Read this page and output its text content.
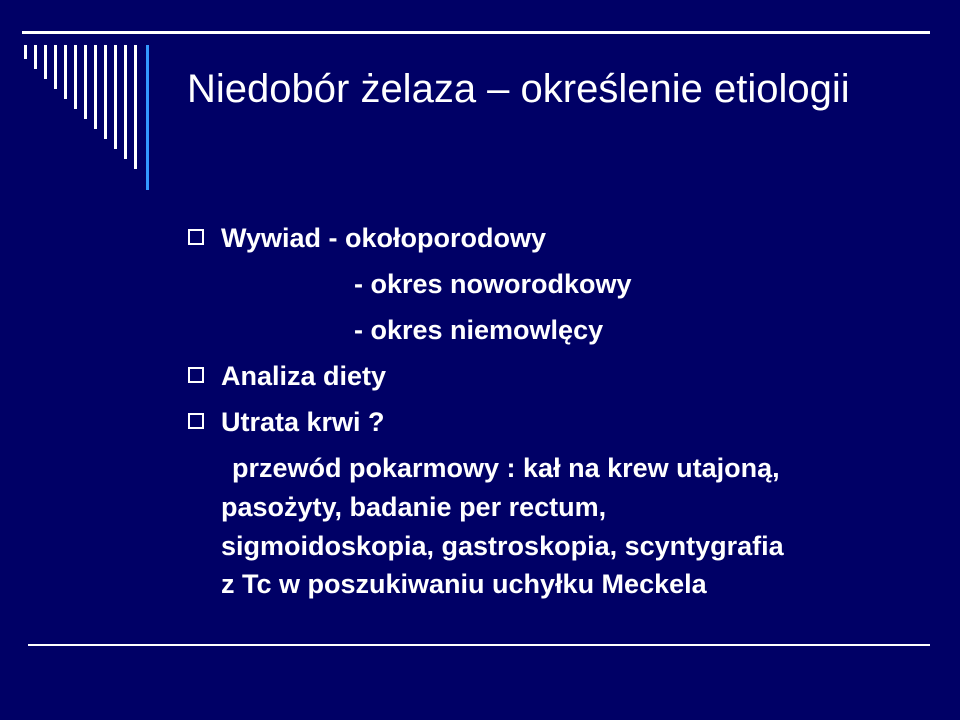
Niedobór żelaza – określenie etiologii
Wywiad - okołoporodowy
- okres noworodkowy
- okres niemowlęcy
Analiza diety
Utrata krwi ?
przewód pokarmowy : kał na krew utajoną,
pasożyty, badanie per rectum,
sigmoidoskopia, gastroskopia, scyntygrafia
z Tc w poszukiwaniu uchyłku Meckela
